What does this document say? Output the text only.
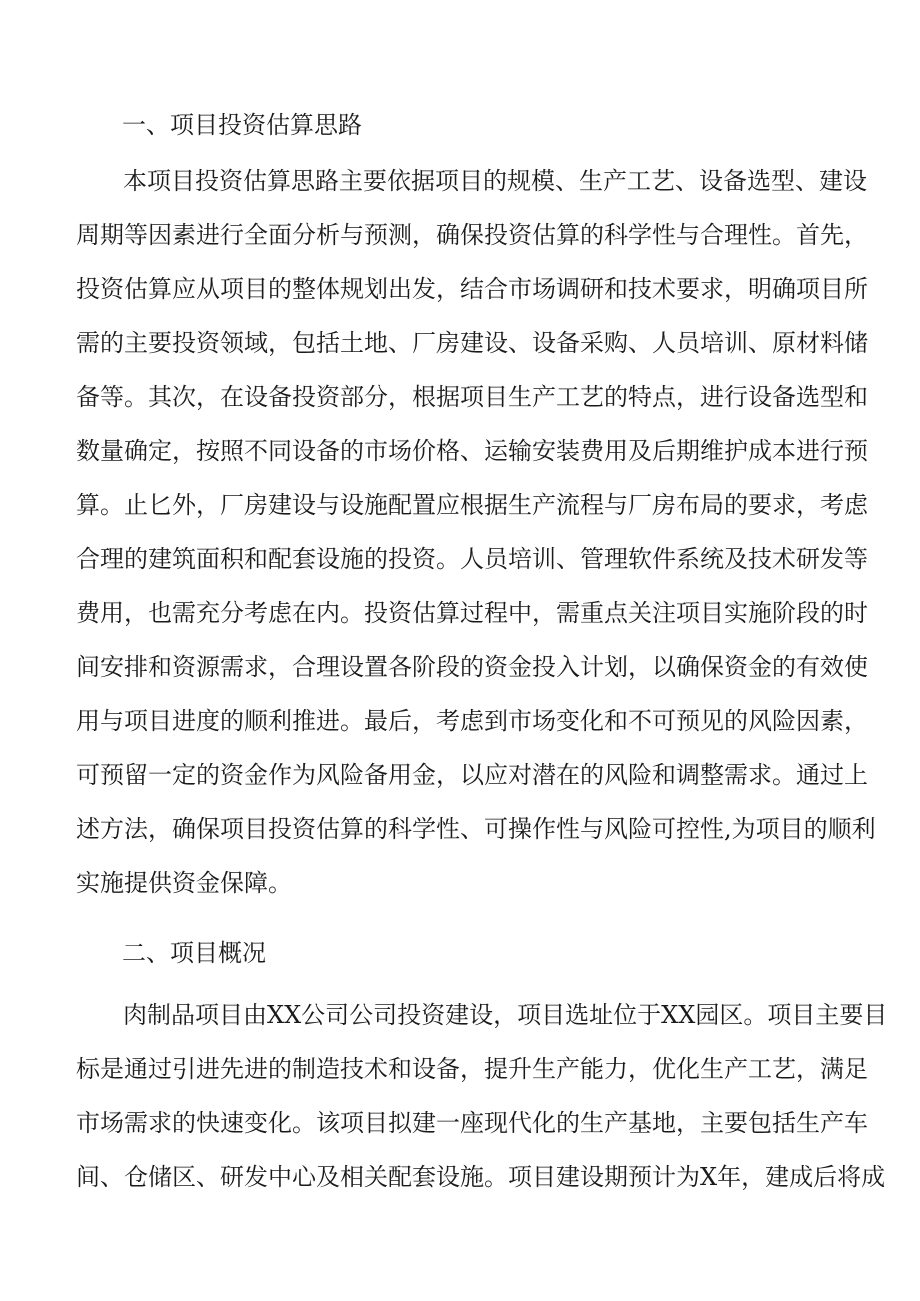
一、项目投资估算思路
本项目投资估算思路主要依据项目的规模、生产工艺、设备选型、建设
周期等因素进行全面分析与预测，确保投资估算的科学性与合理性。首先，
投资估算应从项目的整体规划出发，结合市场调研和技术要求，明确项目所
需的主要投资领域，包括土地、厂房建设、设备采购、人员培训、原材料储
备等。其次，在设备投资部分，根据项目生产工艺的特点，进行设备选型和
数量确定，按照不同设备的市场价格、运输安装费用及后期维护成本进行预
算。止匕外，厂房建设与设施配置应根据生产流程与厂房布局的要求，考虑
合理的建筑面积和配套设施的投资。人员培训、管理软件系统及技术研发等
费用，也需充分考虑在内。投资估算过程中，需重点关注项目实施阶段的时
间安排和资源需求，合理设置各阶段的资金投入计划，以确保资金的有效使
用与项目进度的顺利推进。最后，考虑到市场变化和不可预见的风险因素，
可预留一定的资金作为风险备用金，以应对潜在的风险和调整需求。通过上
述方法，确保项目投资估算的科学性、可操作性与风险可控性,为项目的顺利
实施提供资金保障。
二、项目概况
肉制品项目由XX公司公司投资建设，项目选址位于XX园区。项目主要目
标是通过引进先进的制造技术和设备，提升生产能力，优化生产工艺，满足
市场需求的快速变化。该项目拟建一座现代化的生产基地，主要包括生产车
间、仓储区、研发中心及相关配套设施。项目建设期预计为X年，建成后将成
